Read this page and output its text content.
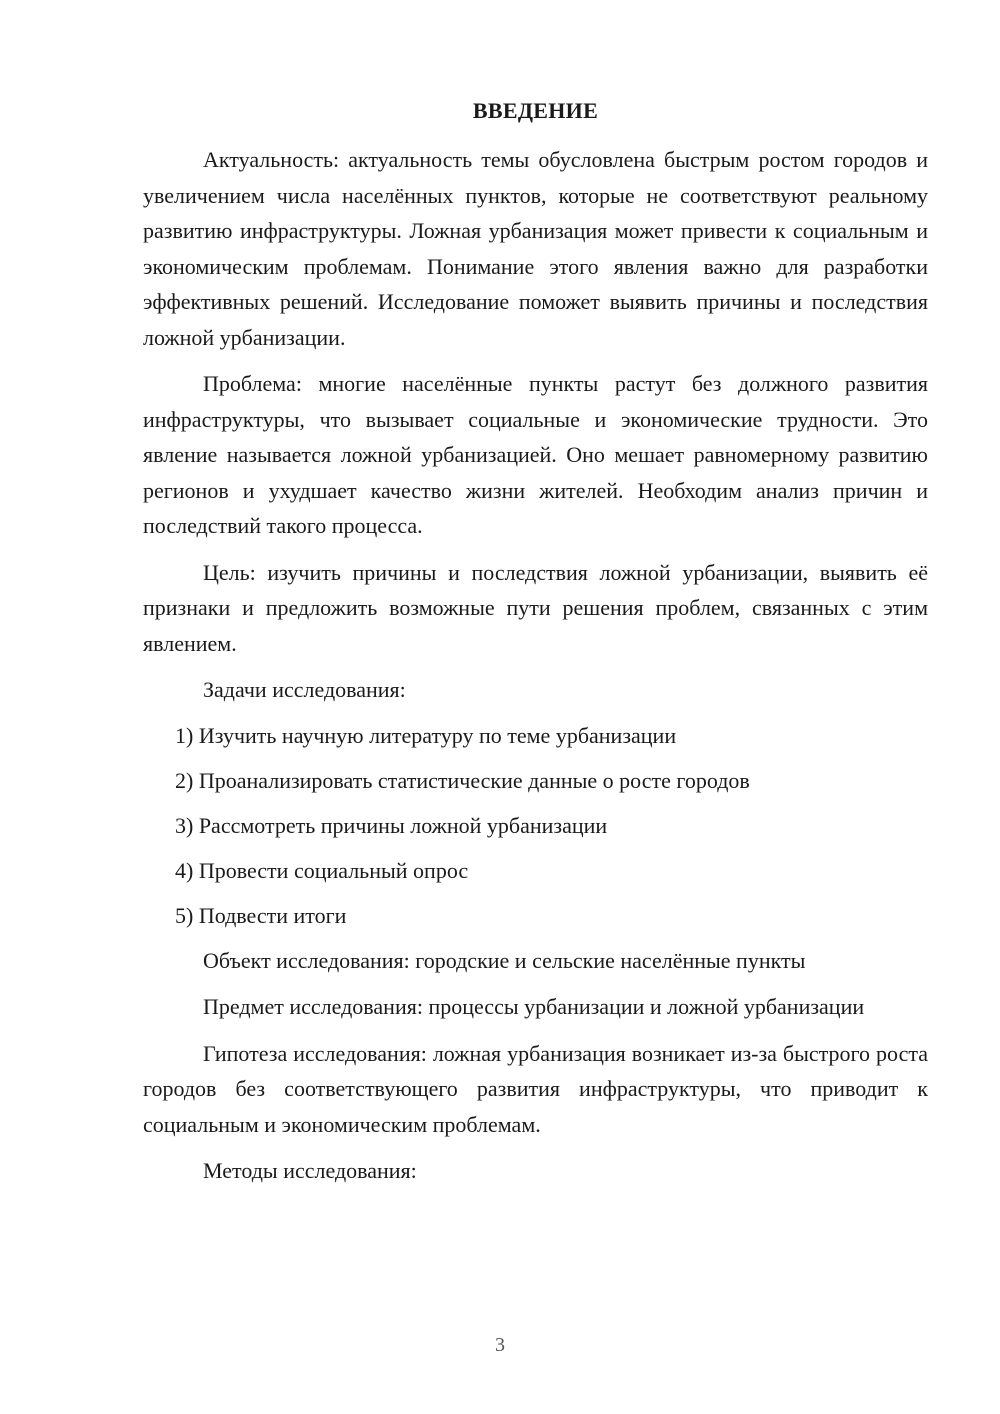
ВВЕДЕНИЕ

Актуальность: актуальность темы обусловлена быстрым ростом городов и увеличением числа населённых пунктов, которые не соответствуют реальному развитию инфраструктуры. Ложная урбанизация может привести к социальным и экономическим проблемам. Понимание этого явления важно для разработки эффективных решений. Исследование поможет выявить причины и последствия ложной урбанизации.

Проблема: многие населённые пункты растут без должного развития инфраструктуры, что вызывает социальные и экономические трудности. Это явление называется ложной урбанизацией. Оно мешает равномерному развитию регионов и ухудшает качество жизни жителей. Необходим анализ причин и последствий такого процесса.

Цель: изучить причины и последствия ложной урбанизации, выявить её признаки и предложить возможные пути решения проблем, связанных с этим явлением.

Задачи исследования:

1) Изучить научную литературу по теме урбанизации
2) Проанализировать статистические данные о росте городов
3) Рассмотреть причины ложной урбанизации
4) Провести социальный опрос
5) Подвести итоги

Объект исследования: городские и сельские населённые пункты

Предмет исследования: процессы урбанизации и ложной урбанизации

Гипотеза исследования: ложная урбанизация возникает из-за быстрого роста городов без соответствующего развития инфраструктуры, что приводит к социальным и экономическим проблемам.

Методы исследования:

3
